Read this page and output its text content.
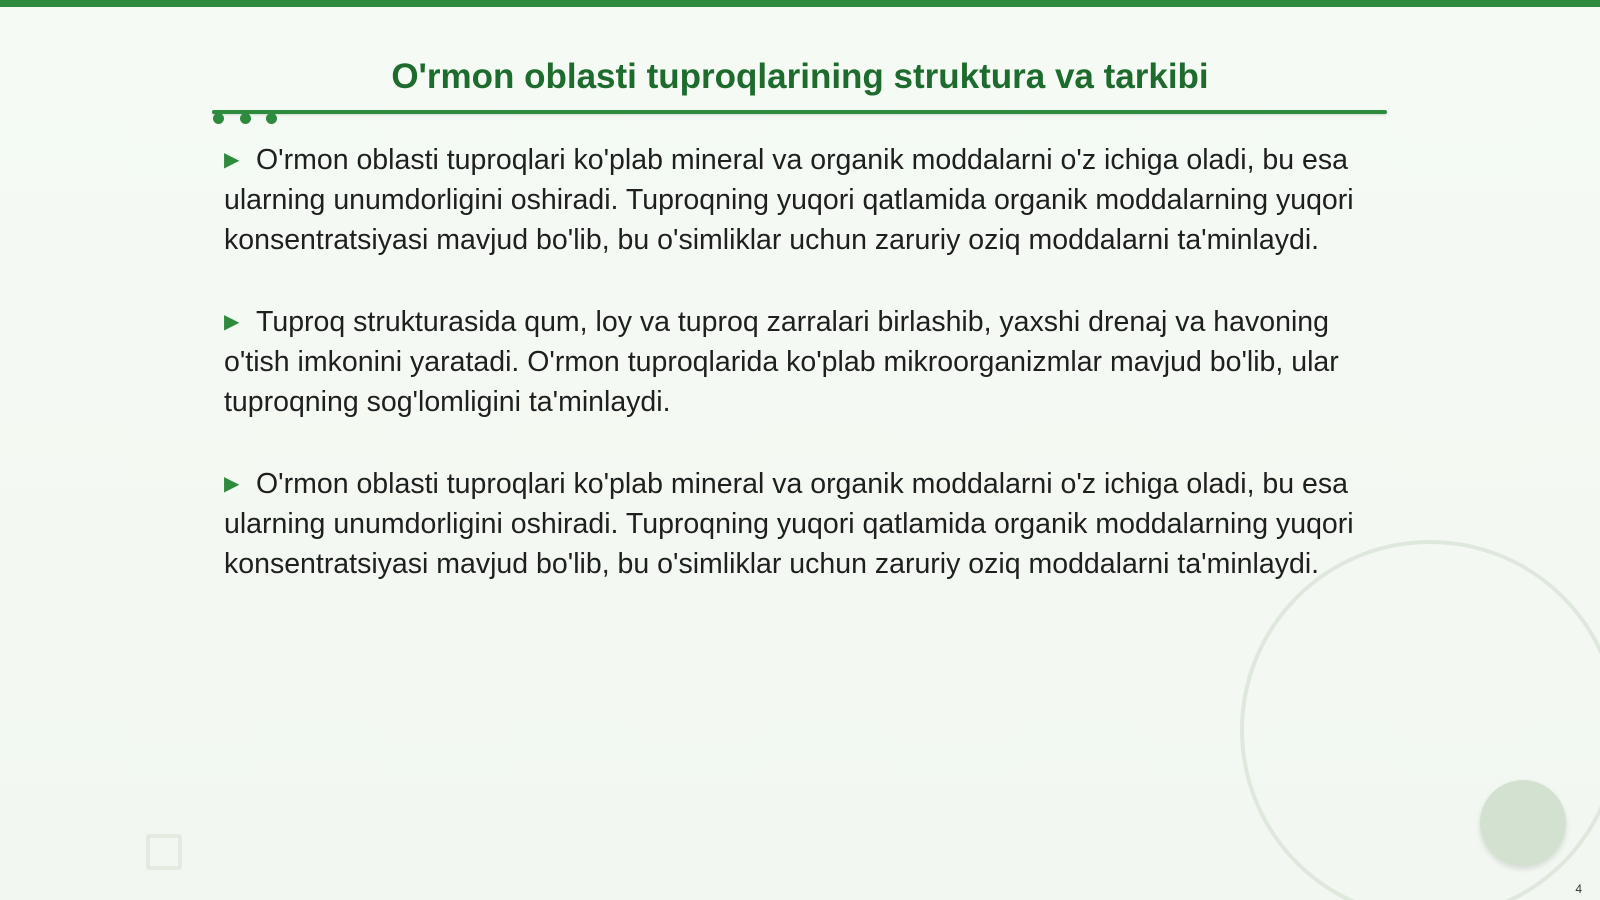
O'rmon oblasti tuproqlarining struktura va tarkibi

▶ O'rmon oblasti tuproqlari ko'plab mineral va organik moddalarni o'z ichiga oladi, bu esa ularning unumdorligini oshiradi. Tuproqning yuqori qatlamida organik moddalarning yuqori konsentratsiyasi mavjud bo'lib, bu o'simliklar uchun zaruriy oziq moddalarni ta'minlaydi.

▶ Tuproq strukturasida qum, loy va tuproq zarralari birlashib, yaxshi drenaj va havoning o'tish imkonini yaratadi. O'rmon tuproqlarida ko'plab mikroorganizmlar mavjud bo'lib, ular tuproqning sog'lomligini ta'minlaydi.

▶ O'rmon oblasti tuproqlari ko'plab mineral va organik moddalarni o'z ichiga oladi, bu esa ularning unumdorligini oshiradi. Tuproqning yuqori qatlamida organik moddalarning yuqori konsentratsiyasi mavjud bo'lib, bu o'simliklar uchun zaruriy oziq moddalarni ta'minlaydi.

4
